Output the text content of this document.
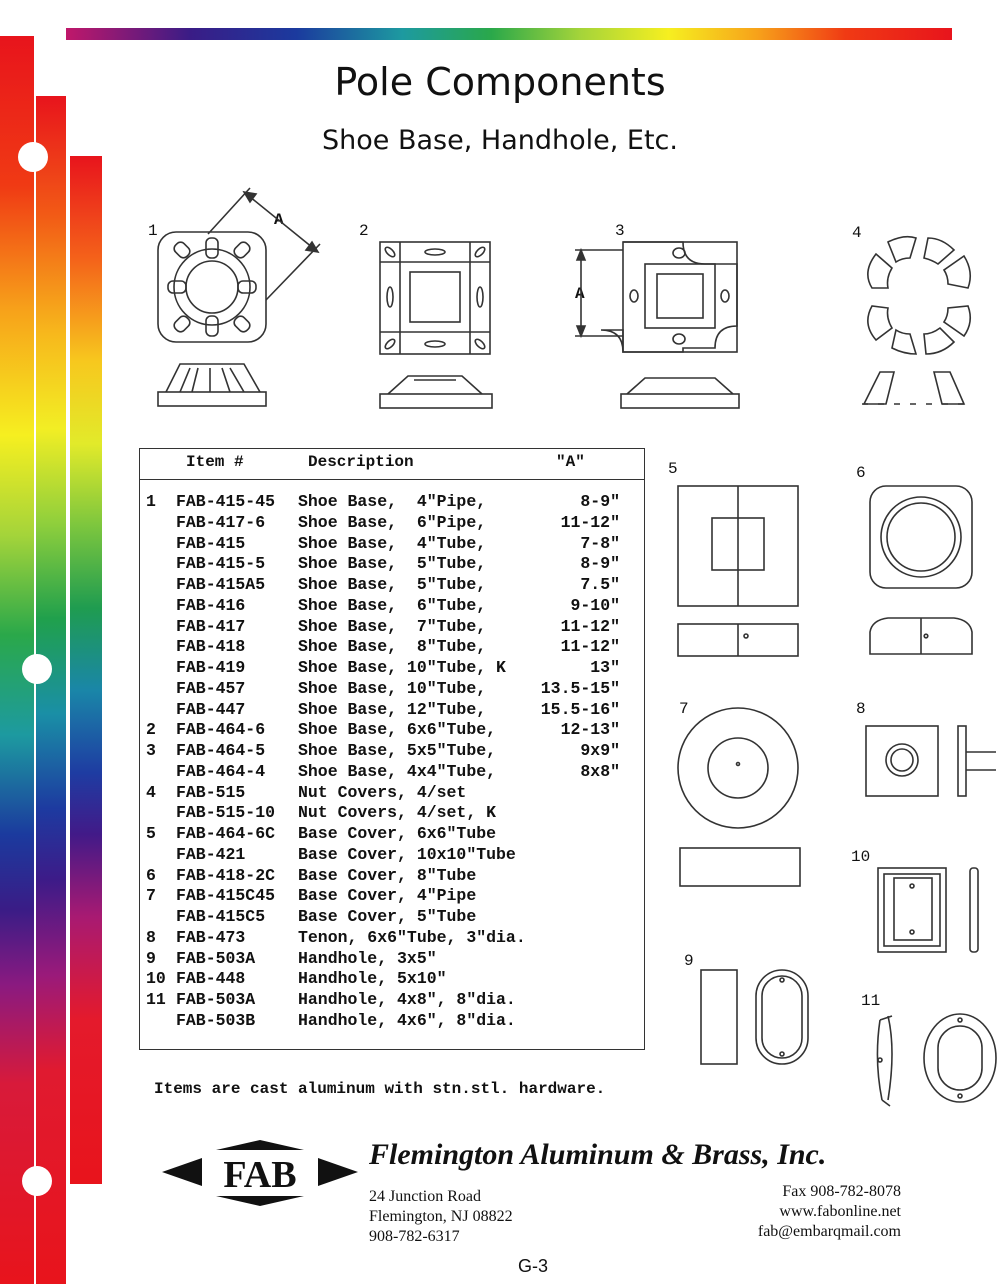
Pole Components
Shoe Base, Handhole, Etc.
1	2	3	4
5	6
7	8
10
9
11
A
A
Item #	Description	"A"
1 FAB-415-45 Shoe Base,  4"Pipe,	8-9"
FAB-417-6 Shoe Base,  6"Pipe,	11-12"
FAB-415	Shoe Base,  4"Tube,	7-8"
FAB-415-5 Shoe Base,  5"Tube,	8-9"
FAB-415A5 Shoe Base,  5"Tube,	7.5"
FAB-416	Shoe Base,  6"Tube,	9-10"
FAB-417	Shoe Base,  7"Tube,	11-12"
FAB-418	Shoe Base,  8"Tube,	11-12"
FAB-419	Shoe Base, 10"Tube, K	13"
FAB-457	Shoe Base, 10"Tube,	13.5-15"
FAB-447	Shoe Base, 12"Tube,	15.5-16"
2 FAB-464-6 Shoe Base, 6x6"Tube,	12-13"
3 FAB-464-5 Shoe Base, 5x5"Tube,	9x9"
FAB-464-4 Shoe Base, 4x4"Tube,	8x8"
4 FAB-515	Nut Covers, 4/set
FAB-515-10 Nut Covers, 4/set, K
5 FAB-464-6C Base Cover, 6x6"Tube
FAB-421	Base Cover, 10x10"Tube
6 FAB-418-2C Base Cover, 8"Tube
7 FAB-415C45 Base Cover, 4"Pipe
FAB-415C5 Base Cover, 5"Tube
8 FAB-473	Tenon, 6x6"Tube, 3"dia.
9 FAB-503A	Handhole, 3x5"
10 FAB-448	Handhole, 5x10"
11 FAB-503A	Handhole, 4x8", 8"dia.
FAB-503B	Handhole, 4x6", 8"dia.
Items are cast aluminum with stn.stl. hardware.
FAB Flemington Aluminum & Brass, Inc.
24 Junction Road
Flemington, NJ 08822
908-782-6317
Fax 908-782-8078
www.fabonline.net
fab@embarqmail.com
G-3
